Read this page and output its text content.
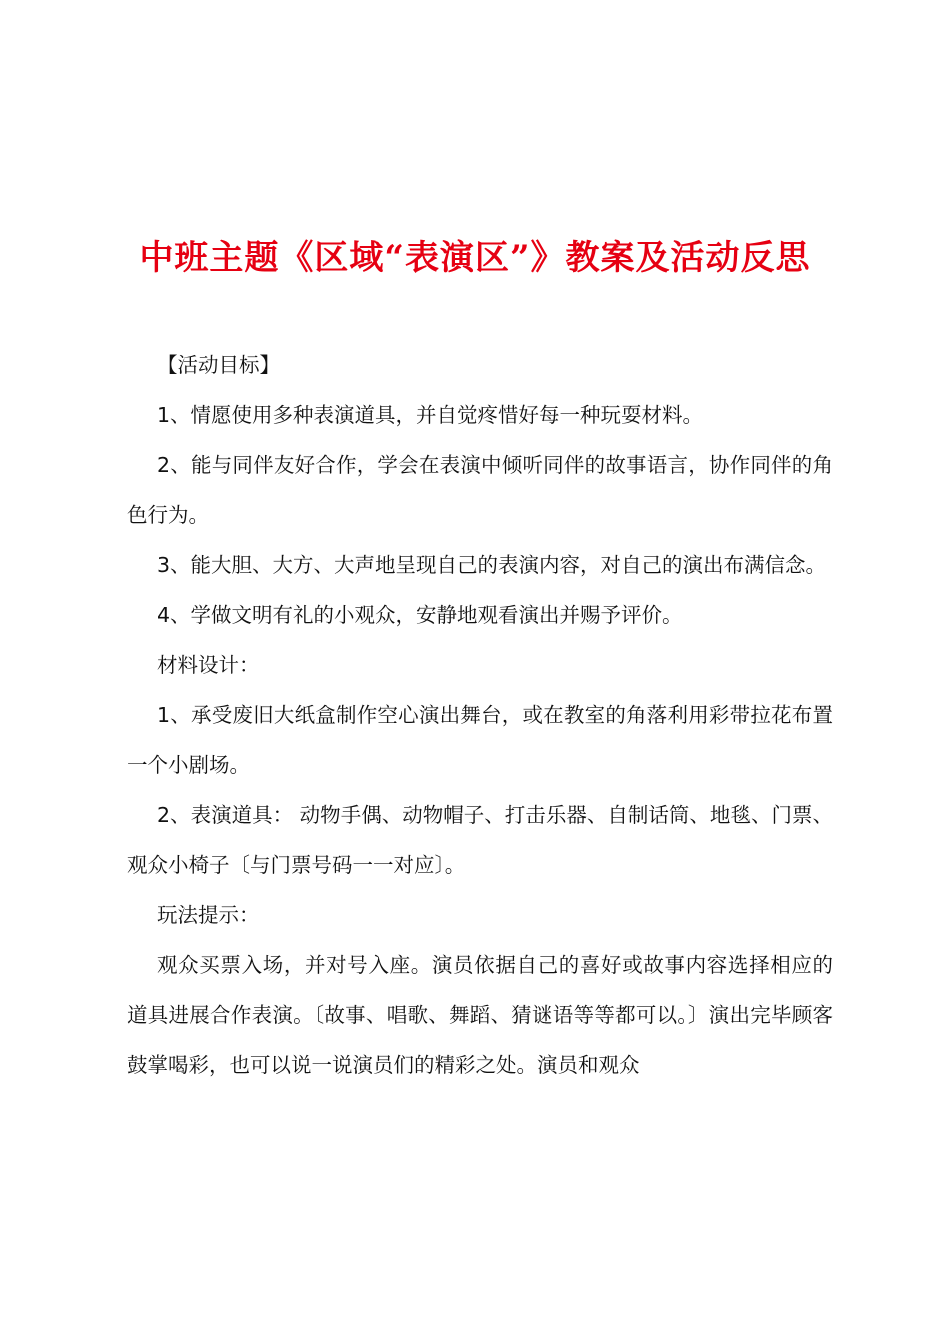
中班主题《区域“表演区”》教案及活动反思

【活动目标】

1、情愿使用多种表演道具，并自觉疼惜好每一种玩耍材料。

2、能与同伴友好合作，学会在表演中倾听同伴的故事语言，协作同伴的角色行为。

3、能大胆、大方、大声地呈现自己的表演内容，对自己的演出布满信念。

4、学做文明有礼的小观众，安静地观看演出并赐予评价。

材料设计：

1、承受废旧大纸盒制作空心演出舞台，或在教室的角落利用彩带拉花布置一个小剧场。

2、表演道具： 动物手偶、动物帽子、打击乐器、自制话筒、地毯、门票、观众小椅子〔与门票号码一一对应〕。

玩法提示：

观众买票入场，并对号入座。演员依据自己的喜好或故事内容选择相应的道具进展合作表演。〔故事、唱歌、舞蹈、猜谜语等等都可以。〕演出完毕顾客鼓掌喝彩，也可以说一说演员们的精彩之处。演员和观众
